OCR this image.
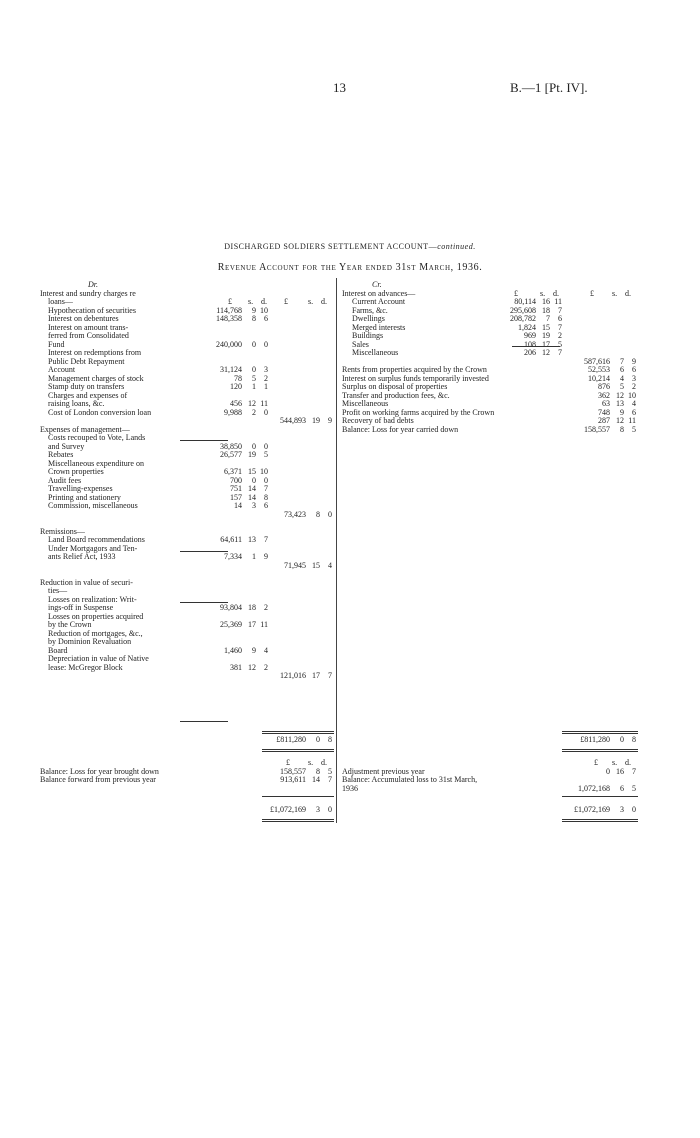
13	B.—1 [Pt. IV].
DISCHARGED SOLDIERS SETTLEMENT ACCOUNT—continued.
Revenue Account for the Year ended 31st March, 1936.
Dr.
Interest and sundry charges re
loans—	£ s. d. £	s. d.
Hypothecation of securities	114,768	9 10
Interest on debentures	148,358	8	6
Interest on amount trans-
ferred from Consolidated
Fund	240,000	0	0
Interest on redemptions from
Public Debt Repayment
Account	31,124	0	3
Management charges of stock	78	5	2
Stamp duty on transfers	120	1	1
Charges and expenses of
raising loans, &c.	456 12 11
Cost of London conversion loan	9,988	2	0
544,893 19	9
Expenses of management—
Costs recouped to Vote, Lands
and Survey	38,850	0	0
Rebates	26,577 19	5
Miscellaneous expenditure on
Crown properties	6,371 15 10
Audit fees	700	0	0
Travelling-expenses	751 14	7
Printing and stationery	157 14	8
Commission, miscellaneous	14	3	6
73,423	8	0
Remissions—
Land Board recommendations	64,611 13	7
Under Mortgagors and Ten-
ants Relief Act, 1933	7,334	1	9
71,945 15	4
Reduction in value of securi-
ties—
Losses on realization: Writ-
ings-off in Suspense	93,804 18	2
Losses on properties acquired
by the Crown	25,369 17 11
Reduction of mortgages, &c.,
by Dominion Revaluation
Board	1,460	9	4
Depreciation in value of Native
lease: McGregor Block	381 12	2
121,016 17	7
£811,280	0	8
£ s. d.
Balance: Loss for year brought down	158,557	8	5
Balance forward from previous year	913,611 14	7
£1,072,169	3	0
Cr.
Interest on advances—	£	s. d.	£ s. d.
Current Account	80,114 16 11
Farms, &c.	295,608 18	7
Dwellings	208,782	7	6
Merged interests	1,824 15	7
Buildings	969 19	2
Sales	108 17	5
Miscellaneous	206 12	7
587,616	7	9
Rents from properties acquired by the Crown	52,553	6	6
Interest on surplus funds temporarily invested	10,214	4	3
Surplus on disposal of properties	876	5	2
Transfer and production fees, &c.	362 12 10
Miscellaneous	63 13	4
Profit on working farms acquired by the Crown	748	9	6
Recovery of bad debts	287 12 11
Balance: Loss for year carried down	158,557	8	5
£811,280	0	8
£ s. d.
Adjustment previous year	0 16	7
Balance: Accumulated loss to 31st March,
1936	1,072,168	6	5
£1,072,169	3	0
